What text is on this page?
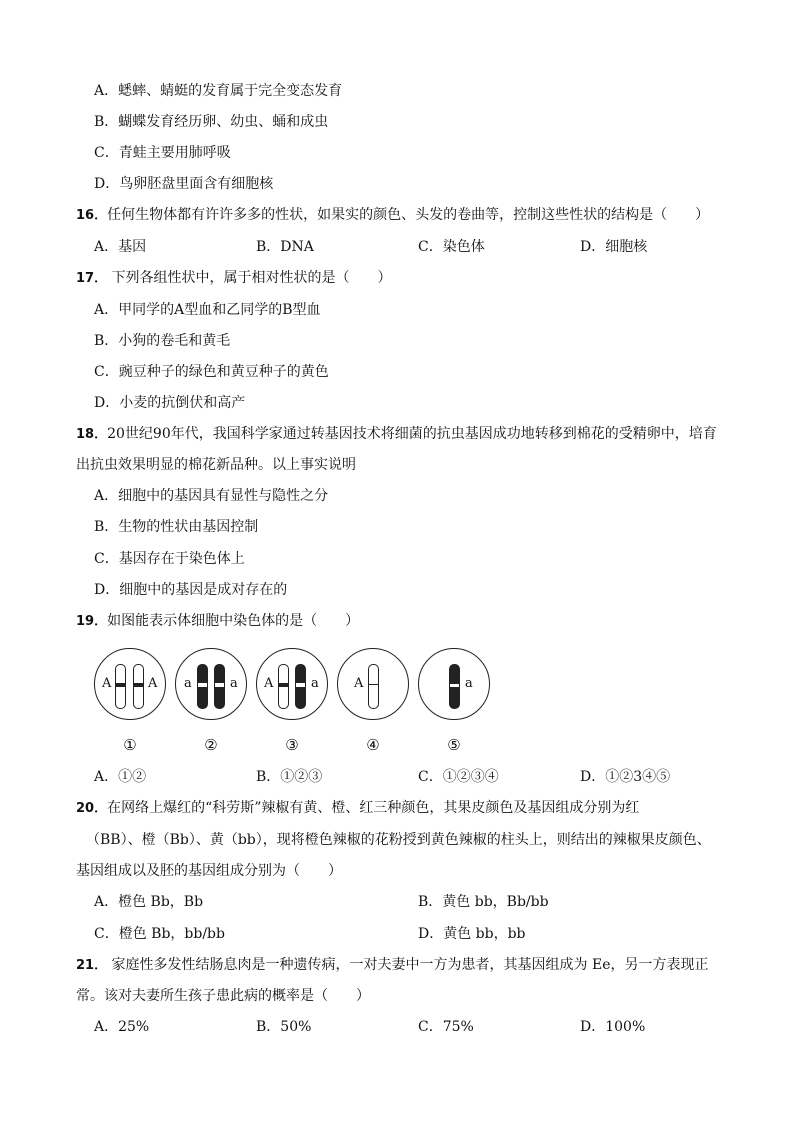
A．蟋蟀、蜻蜓的发育属于完全变态发育
B．蝴蝶发育经历卵、幼虫、蛹和成虫
C．青蛙主要用肺呼吸
D．鸟卵胚盘里面含有细胞核
16．任何生物体都有许许多多的性状，如果实的颜色、头发的卷曲等，控制这些性状的结构是（　　）
A．基因	B．DNA	C．染色体	D．细胞核
17． 下列各组性状中，属于相对性状的是（　　）
A．甲同学的A型血和乙同学的B型血
B．小狗的卷毛和黄毛
C．豌豆种子的绿色和黄豆种子的黄色
D．小麦的抗倒伏和高产
18．20世纪90年代，我国科学家通过转基因技术将细菌的抗虫基因成功地转移到棉花的受精卵中，培育
出抗虫效果明显的棉花新品种。以上事实说明
A．细胞中的基因具有显性与隐性之分
B．生物的性状由基因控制
C．基因存在于染色体上
D．细胞中的基因是成对存在的
19．如图能表示体细胞中染色体的是（　　）
A	A a	a A	a	A	a
①	②	③	④	⑤
A．①②	B．①②③	C．①②③④	D．①②3④⑤
20．在网络上爆红的“科劳斯”辣椒有黄、橙、红三种颜色，其果皮颜色及基因组成分别为红
（BB）、橙（Bb）、黄（bb），现将橙色辣椒的花粉授到黄色辣椒的柱头上，则结出的辣椒果皮颜色、
基因组成以及胚的基因组成分别为（　　）
A．橙色 Bb，Bb	B．黄色 bb，Bb/bb
C．橙色 Bb，bb/bb	D．黄色 bb，bb
21． 家庭性多发性结肠息肉是一种遗传病，一对夫妻中一方为患者，其基因组成为 Ee，另一方表现正
常。该对夫妻所生孩子患此病的概率是（　　）
A．25%	B．50%	C．75%	D．100%
